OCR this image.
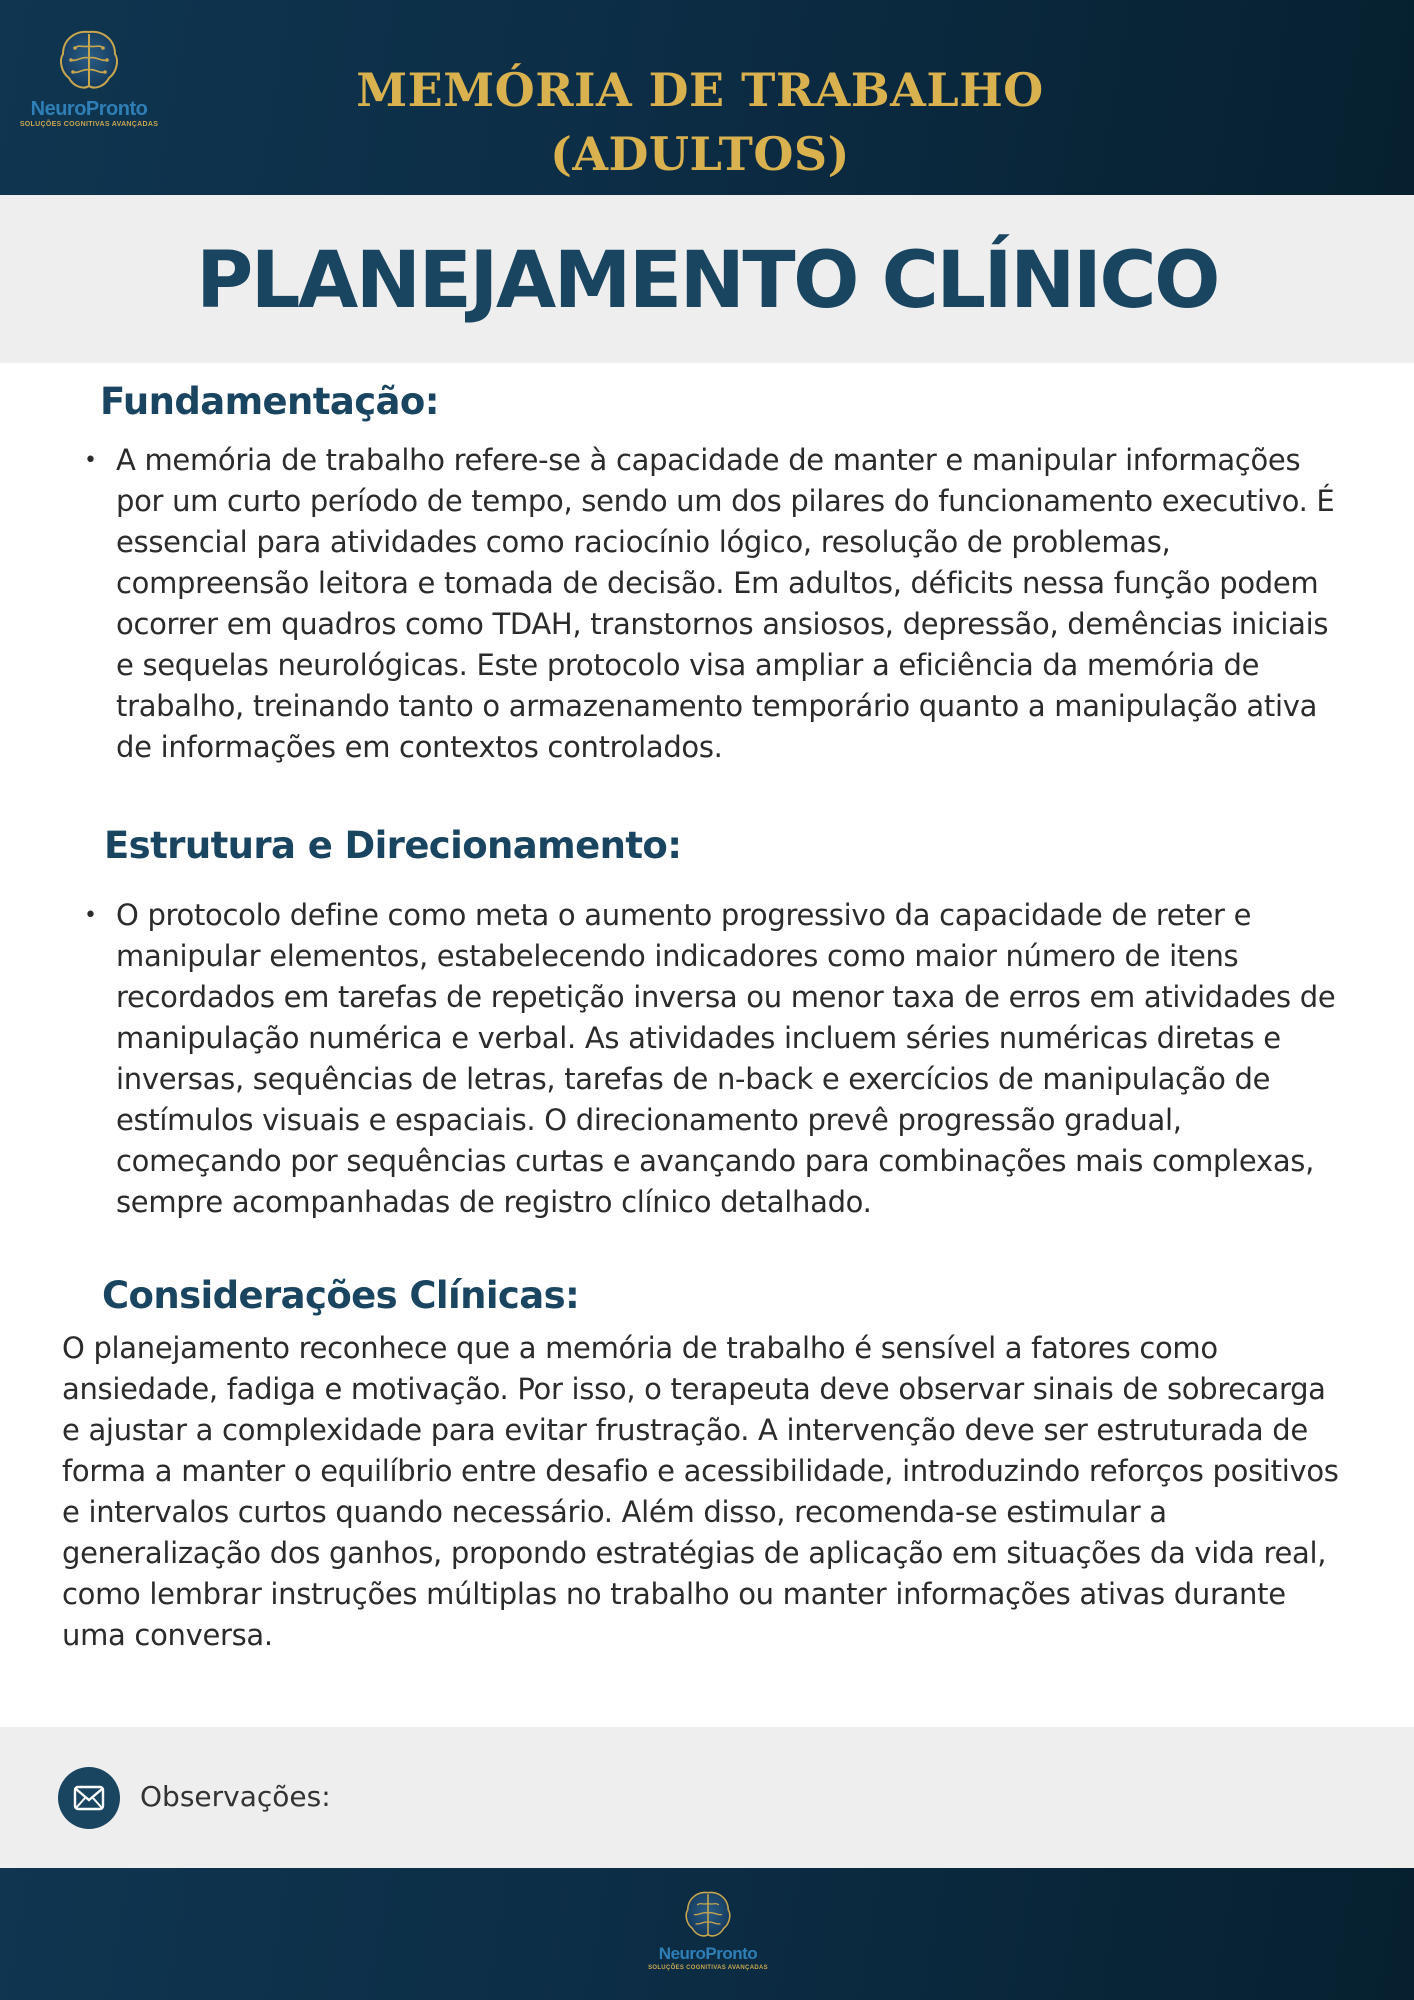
NeuroPronto
SOLUÇÕES COGNITIVAS AVANÇADAS
MEMÓRIA DE TRABALHO (ADULTOS)
PLANEJAMENTO CLÍNICO
Fundamentação:
• A memória de trabalho refere-se à capacidade de manter e manipular informações por um curto período de tempo, sendo um dos pilares do funcionamento executivo. É essencial para atividades como raciocínio lógico, resolução de problemas, compreensão leitora e tomada de decisão. Em adultos, déficits nessa função podem ocorrer em quadros como TDAH, transtornos ansiosos, depressão, demências iniciais e sequelas neurológicas. Este protocolo visa ampliar a eficiência da memória de trabalho, treinando tanto o armazenamento temporário quanto a manipulação ativa de informações em contextos controlados.
Estrutura e Direcionamento:
• O protocolo define como meta o aumento progressivo da capacidade de reter e manipular elementos, estabelecendo indicadores como maior número de itens recordados em tarefas de repetição inversa ou menor taxa de erros em atividades de manipulação numérica e verbal. As atividades incluem séries numéricas diretas e inversas, sequências de letras, tarefas de n-back e exercícios de manipulação de estímulos visuais e espaciais. O direcionamento prevê progressão gradual, começando por sequências curtas e avançando para combinações mais complexas, sempre acompanhadas de registro clínico detalhado.
Considerações Clínicas:

O planejamento reconhece que a memória de trabalho é sensível a fatores como ansiedade, fadiga e motivação. Por isso, o terapeuta deve observar sinais de sobrecarga e ajustar a complexidade para evitar frustração. A intervenção deve ser estruturada de forma a manter o equilíbrio entre desafio e acessibilidade, introduzindo reforços positivos e intervalos curtos quando necessário. Além disso, recomenda-se estimular a generalização dos ganhos, propondo estratégias de aplicação em situações da vida real, como lembrar instruções múltiplas no trabalho ou manter informações ativas durante uma conversa.

Observações:

NeuroPronto
SOLUÇÕES COGNITIVAS AVANÇADAS
